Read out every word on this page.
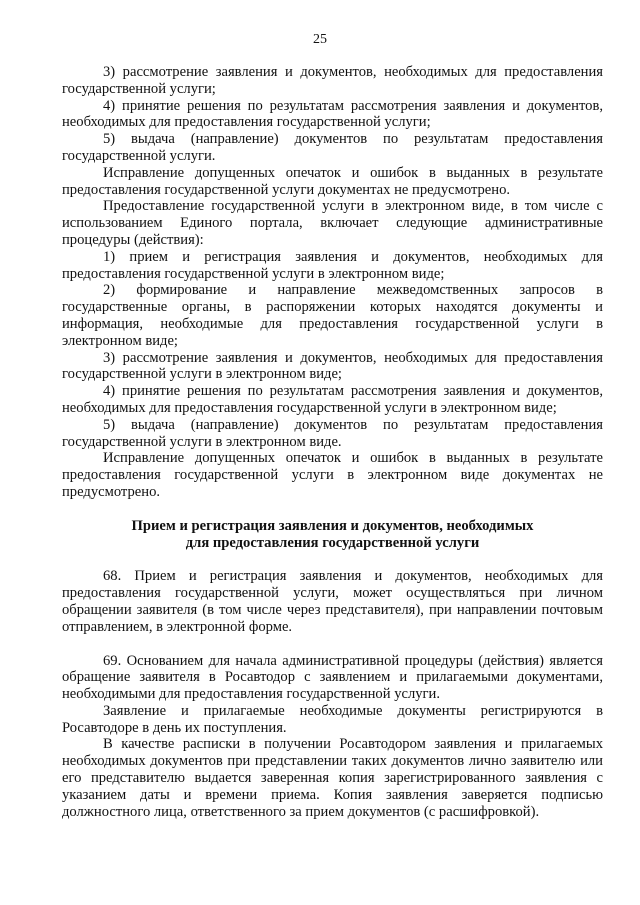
25

3) рассмотрение заявления и документов, необходимых для предоставления государственной услуги;

4) принятие решения по результатам рассмотрения заявления и документов, необходимых для предоставления государственной услуги;

5) выдача (направление) документов по результатам предоставления государственной услуги.

Исправление допущенных опечаток и ошибок в выданных в результате предоставления государственной услуги документах не предусмотрено.

Предоставление государственной услуги в электронном виде, в том числе с использованием Единого портала, включает следующие административные процедуры (действия):

1) прием и регистрация заявления и документов, необходимых для предоставления государственной услуги в электронном виде;

2) формирование и направление межведомственных запросов в государственные органы, в распоряжении которых находятся документы и информация, необходимые для предоставления государственной услуги в электронном виде;

3) рассмотрение заявления и документов, необходимых для предоставления государственной услуги в электронном виде;

4) принятие решения по результатам рассмотрения заявления и документов, необходимых для предоставления государственной услуги в электронном виде;

5) выдача (направление) документов по результатам предоставления государственной услуги в электронном виде.

Исправление допущенных опечаток и ошибок в выданных в результате предоставления государственной услуги в электронном виде документах не предусмотрено.

Прием и регистрация заявления и документов, необходимых
для предоставления государственной услуги

68. Прием и регистрация заявления и документов, необходимых для предоставления государственной услуги, может осуществляться при личном обращении заявителя (в том числе через представителя), при направлении почтовым отправлением, в электронной форме.

69. Основанием для начала административной процедуры (действия) является обращение заявителя в Росавтодор с заявлением и прилагаемыми документами, необходимыми для предоставления государственной услуги.

Заявление и прилагаемые необходимые документы регистрируются в Росавтодоре в день их поступления.

В качестве расписки в получении Росавтодором заявления и прилагаемых необходимых документов при представлении таких документов лично заявителю или его представителю выдается заверенная копия зарегистрированного заявления с указанием даты и времени приема. Копия заявления заверяется подписью должностного лица, ответственного за прием документов (с расшифровкой).
